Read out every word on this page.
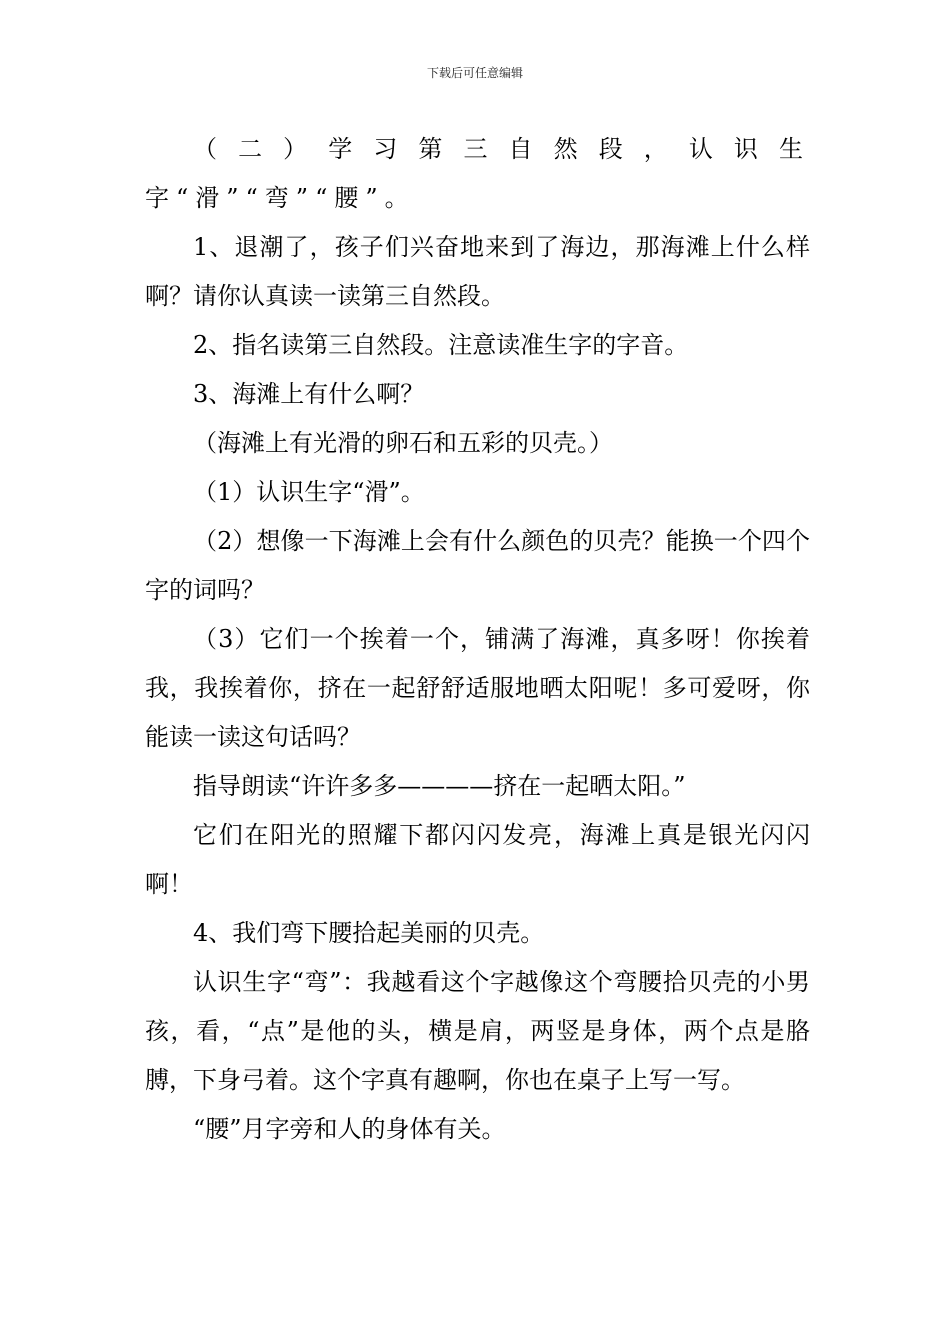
下载后可任意编辑

（二）学习第三自然段，认识生字“滑”“弯”“腰”。

1、退潮了，孩子们兴奋地来到了海边，那海滩上什么样啊？请你认真读一读第三自然段。

2、指名读第三自然段。注意读准生字的字音。

3、海滩上有什么啊？

（海滩上有光滑的卵石和五彩的贝壳。）

（1）认识生字“滑”。

（2）想像一下海滩上会有什么颜色的贝壳？能换一个四个字的词吗？

（3）它们一个挨着一个，铺满了海滩，真多呀！你挨着我，我挨着你，挤在一起舒舒适服地晒太阳呢！多可爱呀，你能读一读这句话吗？

指导朗读“许许多多————挤在一起晒太阳。”

它们在阳光的照耀下都闪闪发亮，海滩上真是银光闪闪啊！

4、我们弯下腰拾起美丽的贝壳。

认识生字“弯”：我越看这个字越像这个弯腰拾贝壳的小男孩，看，“点”是他的头，横是肩，两竖是身体，两个点是胳膊，下身弓着。这个字真有趣啊，你也在桌子上写一写。

“腰”月字旁和人的身体有关。
